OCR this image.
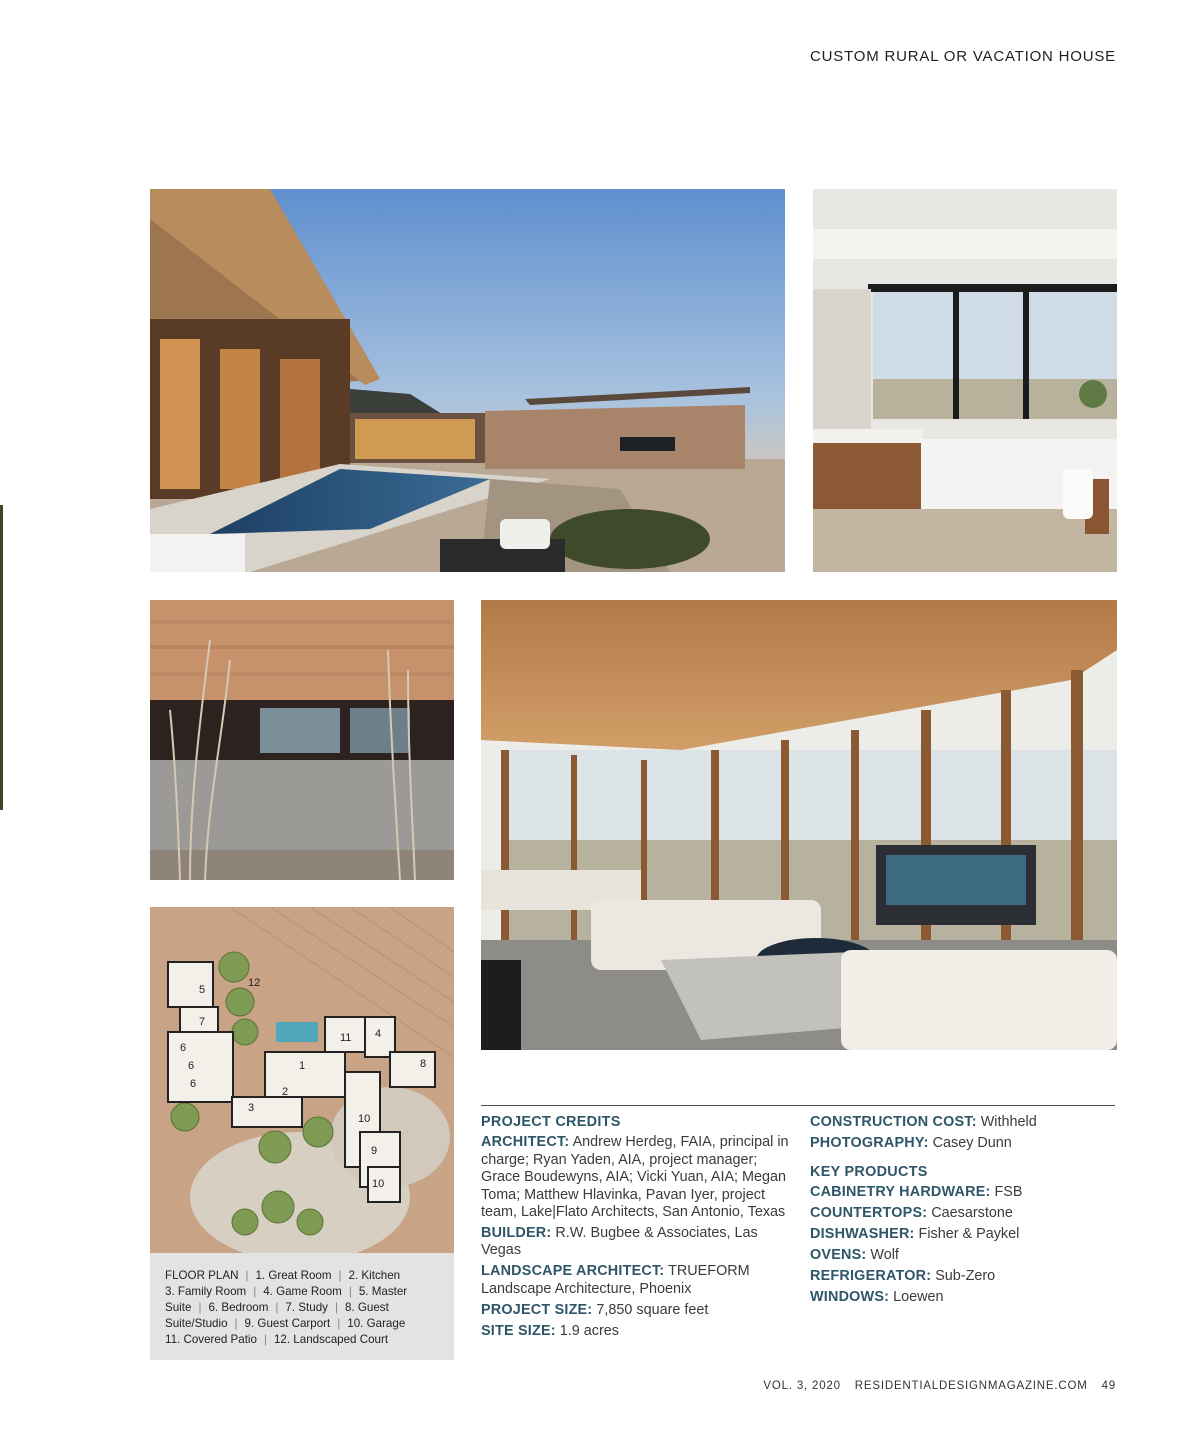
CUSTOM RURAL OR VACATION HOUSE
1
2
3
4
5
6
6
6
7
8
9
10
10
11
12
FLOOR PLAN | 1. Great Room | 2. Kitchen
3. Family Room | 4. Game Room | 5. Master
Suite | 6. Bedroom | 7. Study | 8. Guest
Suite/Studio | 9. Guest Carport | 10. Garage
11. Covered Patio | 12. Landscaped Court
PROJECT CREDITS
ARCHITECT: Andrew Herdeg, FAIA, principal in charge; Ryan Yaden, AIA, project manager; Grace Boudewyns, AIA; Vicki Yuan, AIA; Megan Toma; Matthew Hlavinka, Pavan Iyer, project team, Lake|Flato Architects, San Antonio, Texas
BUILDER: R.W. Bugbee & Associates, Las Vegas
LANDSCAPE ARCHITECT: TRUEFORM Landscape Architecture, Phoenix
PROJECT SIZE: 7,850 square feet
SITE SIZE: 1.9 acres
CONSTRUCTION COST: Withheld
PHOTOGRAPHY: Casey Dunn
KEY PRODUCTS
CABINETRY HARDWARE: FSB
COUNTERTOPS: Caesarstone
DISHWASHER: Fisher & Paykel
OVENS: Wolf
REFRIGERATOR: Sub-Zero
WINDOWS: Loewen
VOL. 3, 2020 RESIDENTIALDESIGNMAGAZINE.COM 49
